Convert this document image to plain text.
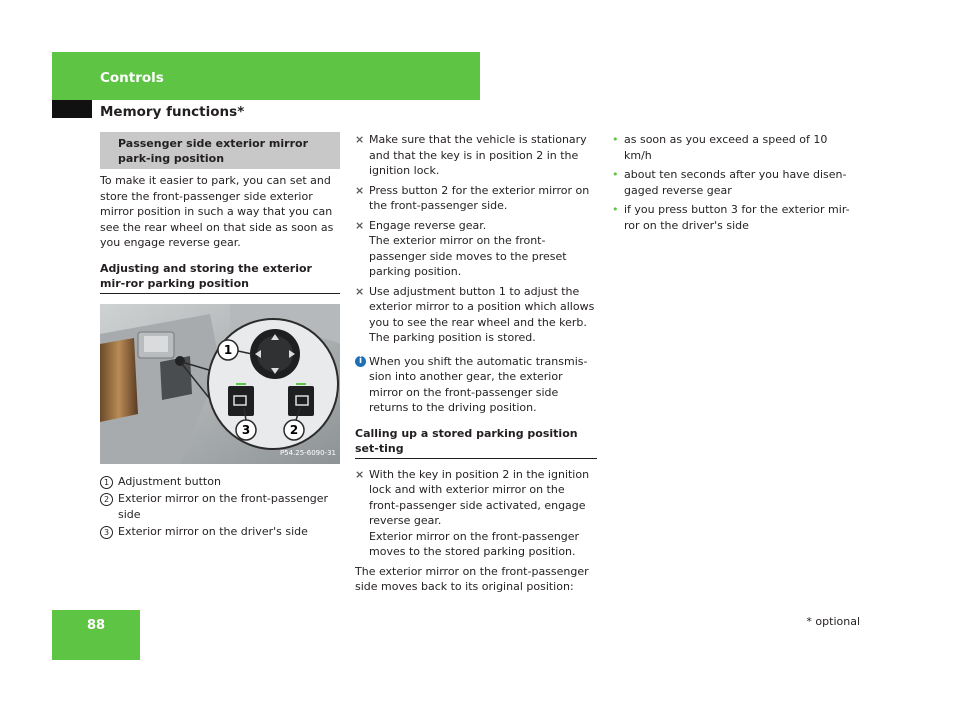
Controls
Memory functions*
Passenger side exterior mirror park-ing position

To make it easier to park, you can set and store the front-passenger side exterior mirror position in such a way that you can see the rear wheel on that side as soon as you engage reverse gear.

Adjusting and storing the exterior mir-ror parking position
1
3	2
P54.25-6090-31
1 Adjustment button
2 Exterior mirror on the front-passenger side
3 Exterior mirror on the driver's side
⨯ Make sure that the vehicle is stationary and that the key is in position 2 in the ignition lock.
⨯ Press button 2 for the exterior mirror on the front-passenger side.
⨯ Engage reverse gear.
The exterior mirror on the front-passenger side moves to the preset parking position.
⨯ Use adjustment button 1 to adjust the exterior mirror to a position which allows you to see the rear wheel and the kerb.
The parking position is stored.
i When you shift the automatic transmis-sion into another gear, the exterior mirror on the front-passenger side returns to the driving position.
Calling up a stored parking position set-ting
⨯ With the key in position 2 in the ignition lock and with exterior mirror on the front-passenger side activated, engage reverse gear.
Exterior mirror on the front-passenger moves to the stored parking position.

The exterior mirror on the front-passenger side moves back to its original position:

• as soon as you exceed a speed of 10 km/h
• about ten seconds after you have disen-gaged reverse gear
• if you press button 3 for the exterior mir-ror on the driver's side
88	* optional
